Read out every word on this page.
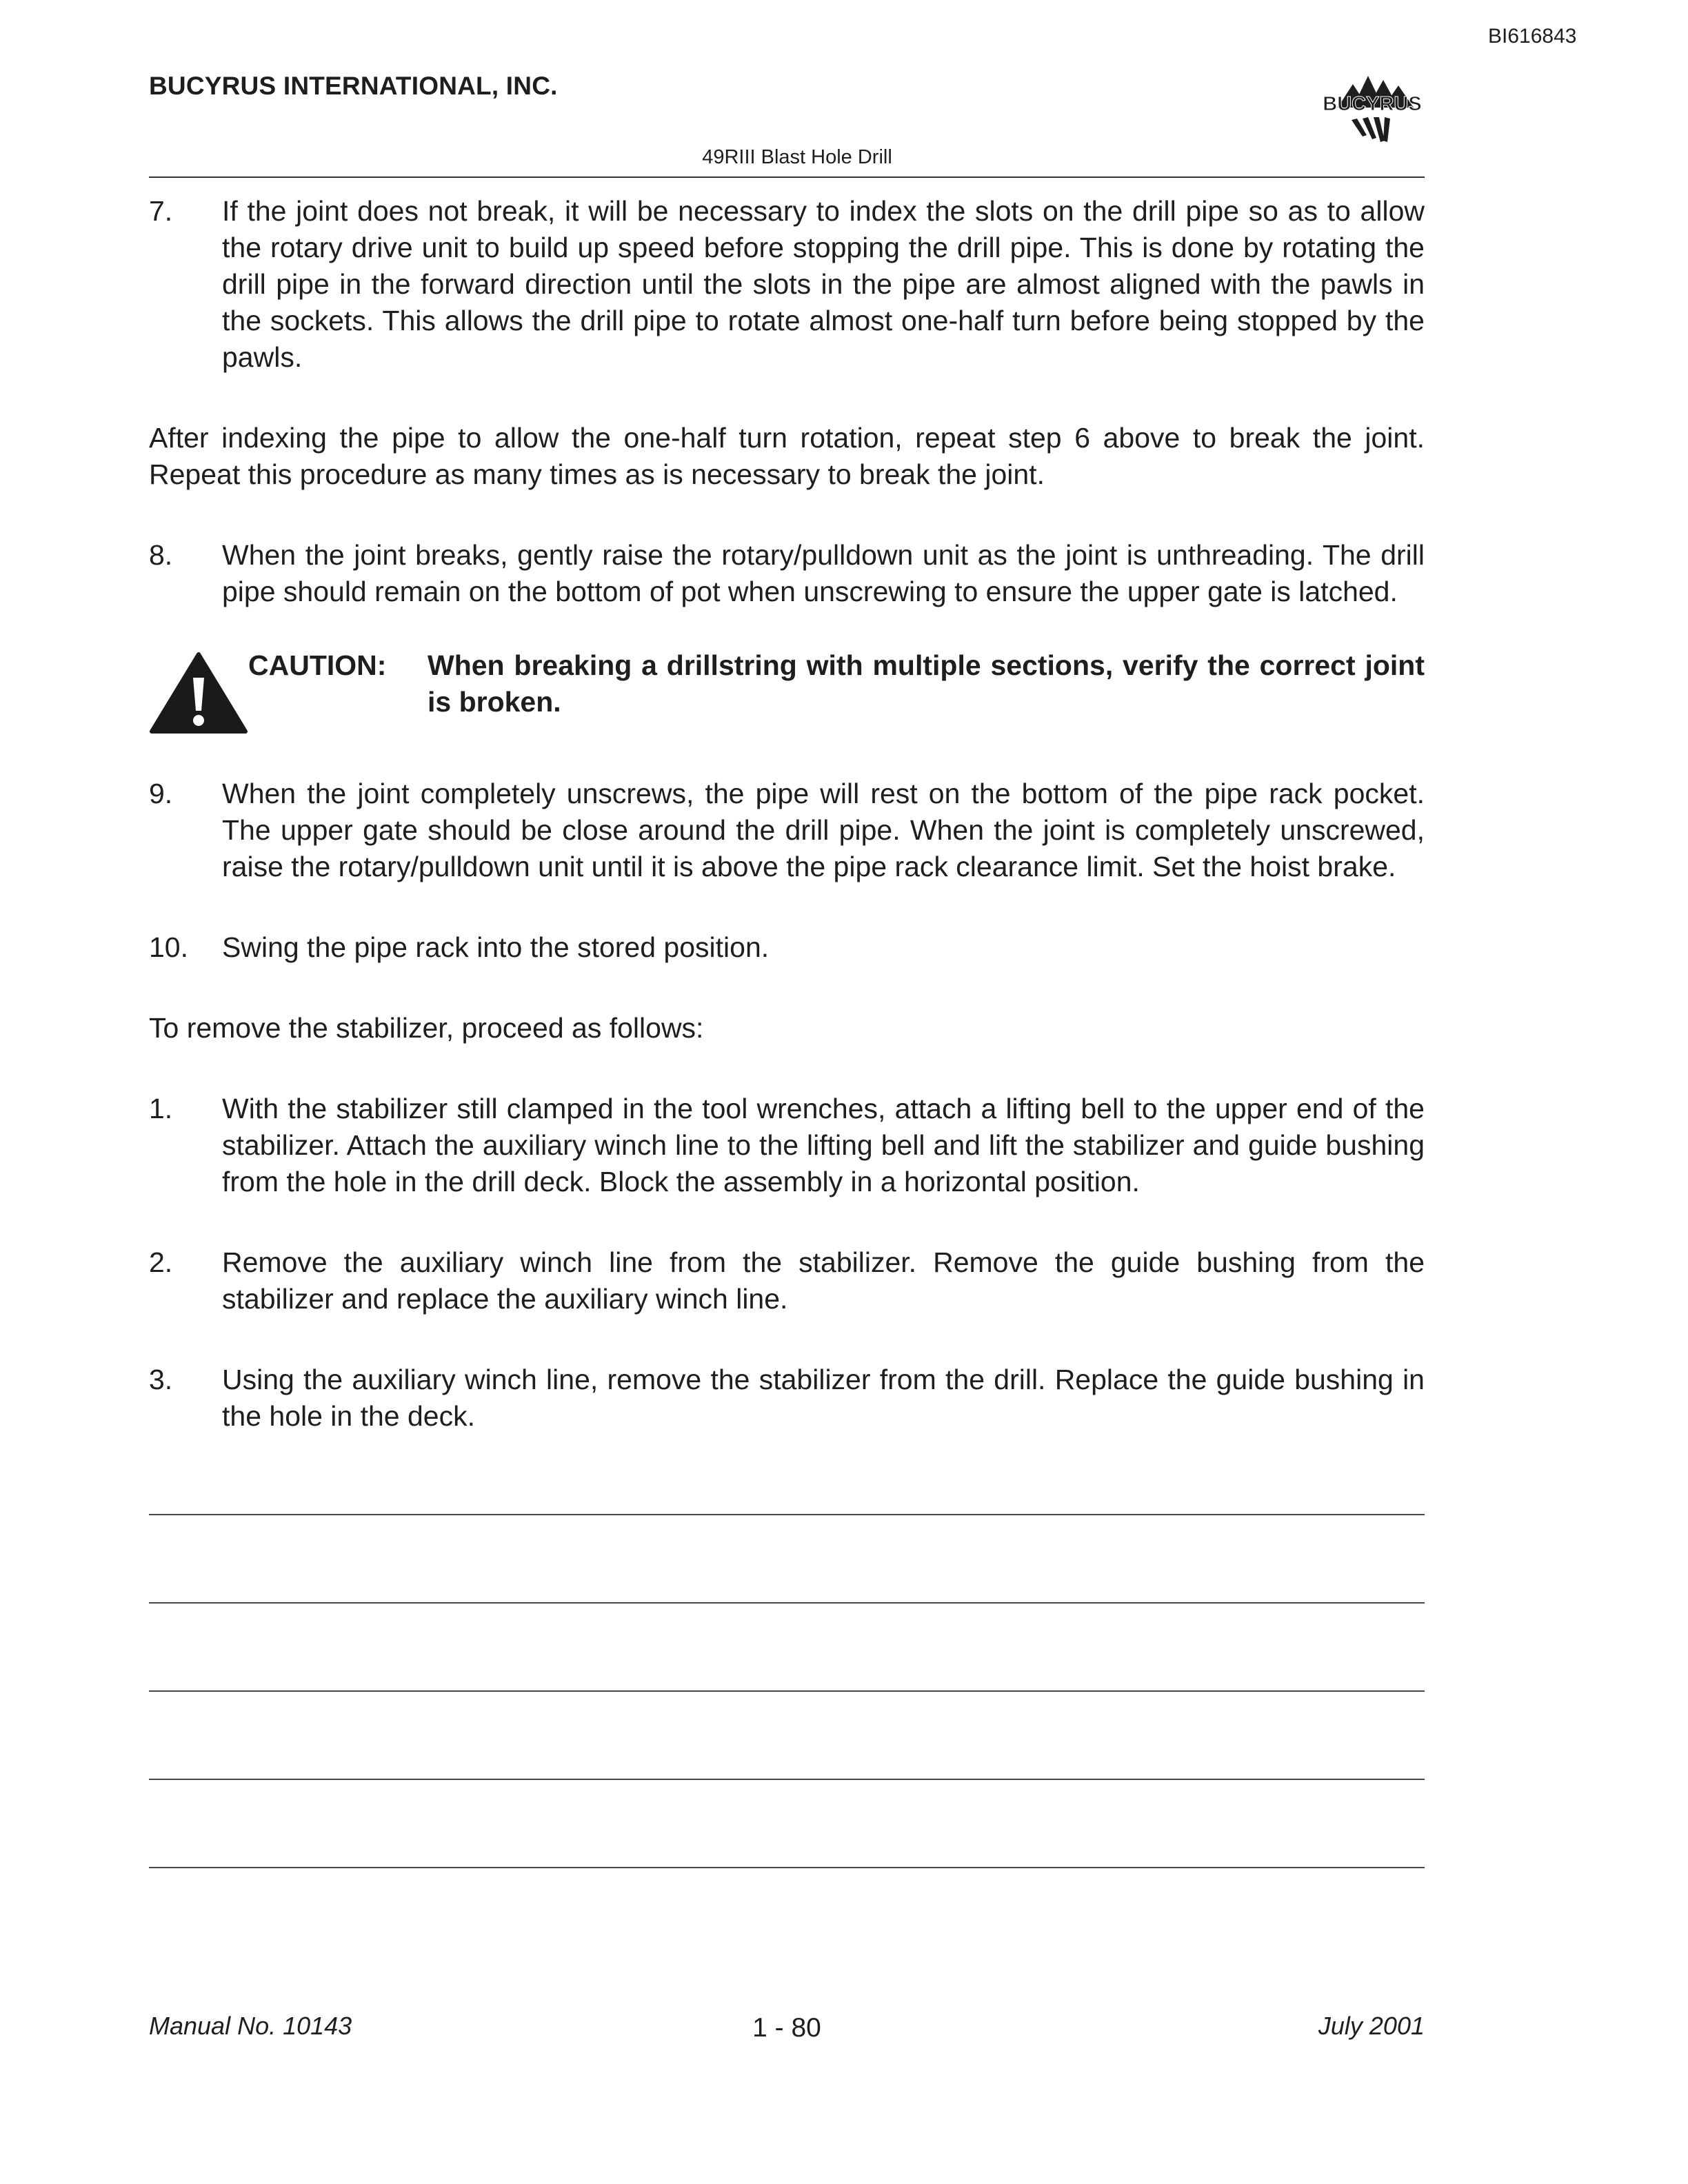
BI616843
BUCYRUS INTERNATIONAL, INC.
BUCYRUS
49RIII Blast Hole Drill
7.	If the joint does not break, it will be necessary to index the slots on the drill pipe so as to allow the rotary drive unit to build up speed before stopping the drill pipe. This is done by rotating the drill pipe in the forward direction until the slots in the pipe are almost aligned with the pawls in the sockets. This allows the drill pipe to rotate almost one-half turn before being stopped by the pawls.
After indexing the pipe to allow the one-half turn rotation, repeat step 6 above to break the joint. Repeat this procedure as many times as is necessary to break the joint.
8.	When the joint breaks, gently raise the rotary/pulldown unit as the joint is unthreading. The drill pipe should remain on the bottom of pot when unscrewing to ensure the upper gate is latched.
CAUTION:	When breaking a drillstring with multiple sections, verify the correct joint is broken.
9.	When the joint completely unscrews, the pipe will rest on the bottom of the pipe rack pocket. The upper gate should be close around the drill pipe. When the joint is completely unscrewed, raise the rotary/pulldown unit until it is above the pipe rack clearance limit. Set the hoist brake.
10.	Swing the pipe rack into the stored position.
To remove the stabilizer, proceed as follows:
1.	With the stabilizer still clamped in the tool wrenches, attach a lifting bell to the upper end of the stabilizer. Attach the auxiliary winch line to the lifting bell and lift the stabilizer and guide bushing from the hole in the drill deck. Block the assembly in a horizontal position.
2.	Remove the auxiliary winch line from the stabilizer. Remove the guide bushing from the stabilizer and replace the auxiliary winch line.
3.	Using the auxiliary winch line, remove the stabilizer from the drill. Replace the guide bushing in the hole in the deck.
Manual No. 10143	1 - 80	July 2001
